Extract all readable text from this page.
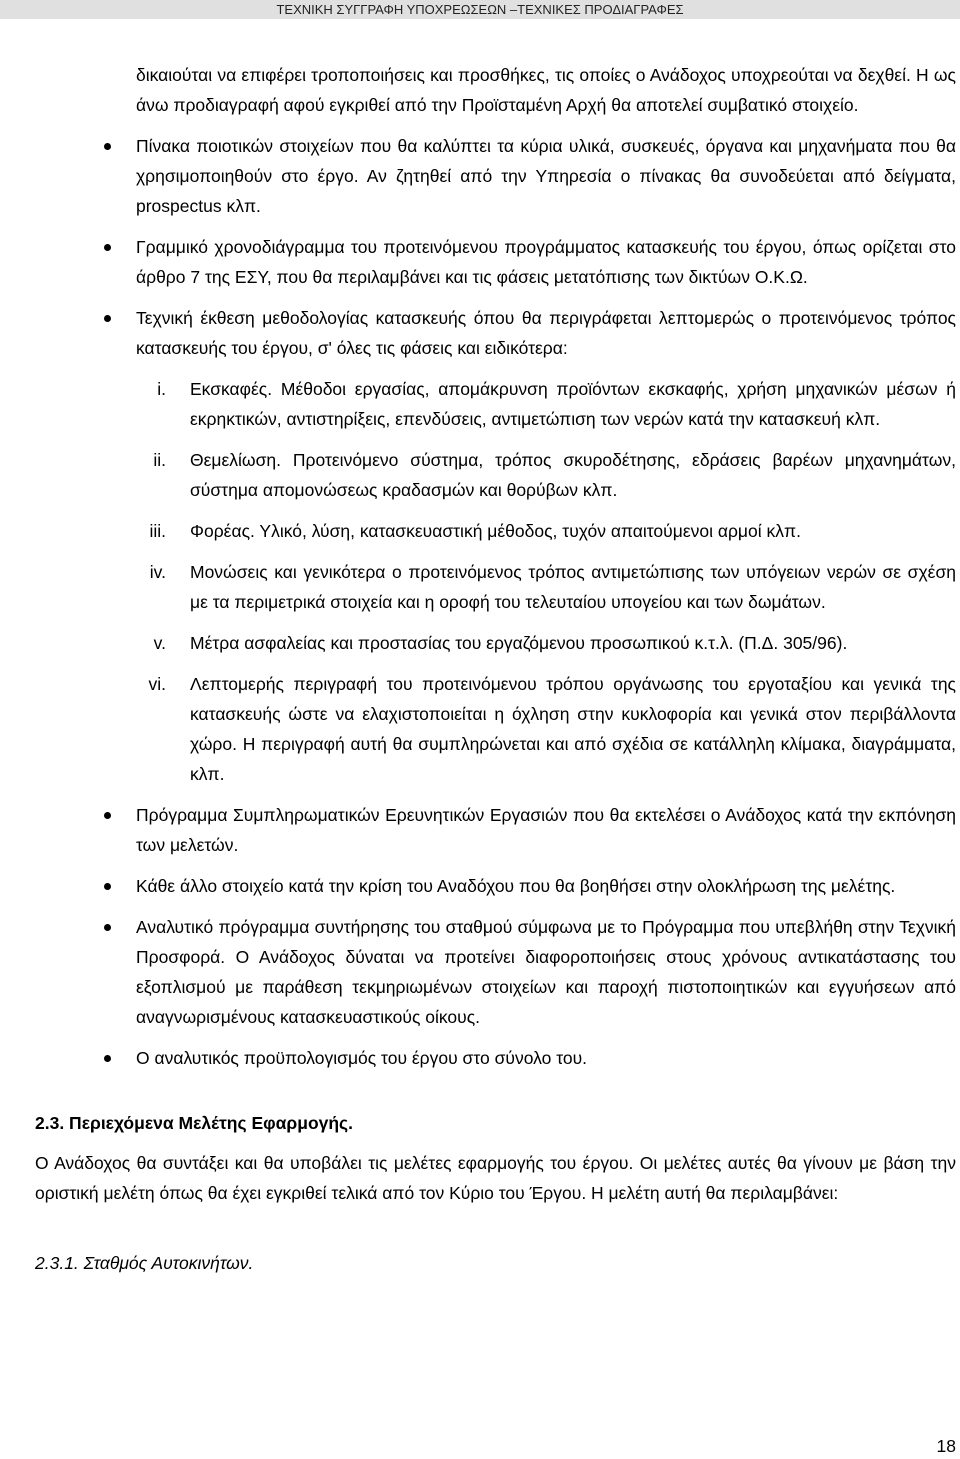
ΤΕΧΝΙΚΗ ΣΥΓΓΡΑΦΗ ΥΠΟΧΡΕΩΣΕΩΝ –ΤΕΧΝΙΚΕΣ ΠΡΟΔΙΑΓΡΑΦΕΣ
δικαιούται να επιφέρει τροποποιήσεις και προσθήκες, τις οποίες ο Ανάδοχος υποχρεούται να δεχθεί. Η ως άνω προδιαγραφή αφού εγκριθεί από την Προϊσταμένη Αρχή θα αποτελεί συμβατικό στοιχείο.
Πίνακα ποιοτικών στοιχείων που θα καλύπτει τα κύρια υλικά, συσκευές, όργανα και μηχανήματα που θα χρησιμοποιηθούν στο έργο. Αν ζητηθεί από την Υπηρεσία ο πίνακας θα συνοδεύεται από δείγματα, prospectus κλπ.
Γραμμικό χρονοδιάγραμμα του προτεινόμενου προγράμματος κατασκευής του έργου, όπως ορίζεται στο άρθρο 7 της ΕΣΥ, που θα περιλαμβάνει και τις φάσεις μετατόπισης των δικτύων Ο.Κ.Ω.
Τεχνική έκθεση μεθοδολογίας κατασκευής όπου θα περιγράφεται λεπτομερώς ο προτεινόμενος τρόπος κατασκευής του έργου, σ' όλες τις φάσεις και ειδικότερα:
i. Εκσκαφές. Μέθοδοι εργασίας, απομάκρυνση προϊόντων εκσκαφής, χρήση μηχανικών μέσων ή εκρηκτικών, αντιστηρίξεις, επενδύσεις, αντιμετώπιση των νερών κατά την κατασκευή κλπ.
ii. Θεμελίωση. Προτεινόμενο σύστημα, τρόπος σκυροδέτησης, εδράσεις βαρέων μηχανημάτων, σύστημα απομονώσεως κραδασμών και θορύβων κλπ.
iii. Φορέας. Υλικό, λύση, κατασκευαστική μέθοδος, τυχόν απαιτούμενοι αρμοί κλπ.
iv. Μονώσεις και γενικότερα ο προτεινόμενος τρόπος αντιμετώπισης των υπόγειων νερών σε σχέση με τα περιμετρικά στοιχεία και η οροφή του τελευταίου υπογείου και των δωμάτων.
v. Μέτρα ασφαλείας και προστασίας του εργαζόμενου προσωπικού κ.τ.λ. (Π.Δ. 305/96).
vi. Λεπτομερής περιγραφή του προτεινόμενου τρόπου οργάνωσης του εργοταξίου και γενικά της κατασκευής ώστε να ελαχιστοποιείται η όχληση στην κυκλοφορία και γενικά στον περιβάλλοντα χώρο. Η περιγραφή αυτή θα συμπληρώνεται και από σχέδια σε κατάλληλη κλίμακα, διαγράμματα, κλπ.
Πρόγραμμα Συμπληρωματικών Ερευνητικών Εργασιών που θα εκτελέσει ο Ανάδοχος κατά την εκπόνηση των μελετών.
Κάθε άλλο στοιχείο κατά την κρίση του Αναδόχου που θα βοηθήσει στην ολοκλήρωση της μελέτης.
Αναλυτικό πρόγραμμα συντήρησης του σταθμού σύμφωνα με το Πρόγραμμα που υπεβλήθη στην Τεχνική Προσφορά. Ο Ανάδοχος δύναται να προτείνει διαφοροποιήσεις στους χρόνους αντικατάστασης του εξοπλισμού με παράθεση τεκμηριωμένων στοιχείων και παροχή πιστοποιητικών και εγγυήσεων από αναγνωρισμένους κατασκευαστικούς οίκους.
Ο αναλυτικός προϋπολογισμός του έργου στο σύνολο του.
2.3. Περιεχόμενα Μελέτης Εφαρμογής.
Ο Ανάδοχος θα συντάξει και θα υποβάλει τις μελέτες εφαρμογής του έργου. Οι μελέτες αυτές θα γίνουν με βάση την οριστική μελέτη όπως θα έχει εγκριθεί τελικά από τον Κύριο του Έργου. Η μελέτη αυτή θα περιλαμβάνει:
2.3.1. Σταθμός Αυτοκινήτων.
18
